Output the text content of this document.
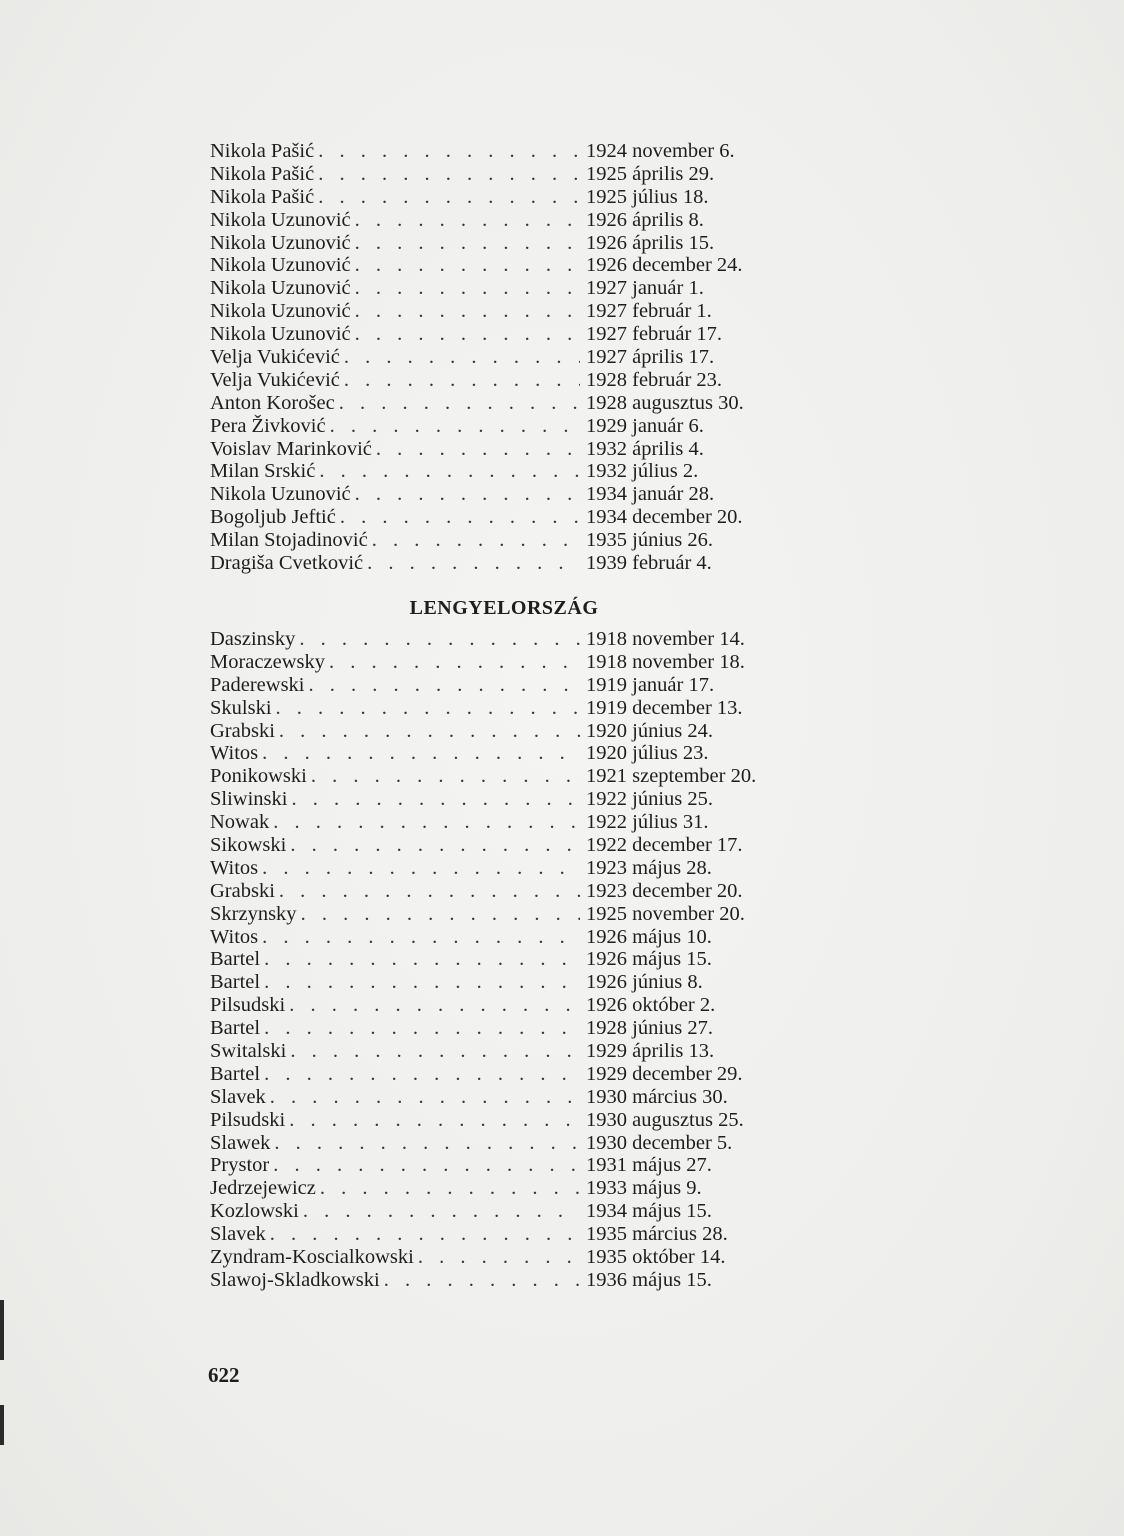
Nikola Pašić . . .	1924 november 6.
Nikola Pašić . . .	1925 április 29.
Nikola Pašić . . .	1925 július 18.
Nikola Uzunović . . .	1926 április 8.
Nikola Uzunović . . .	1926 április 15.
Nikola Uzunović . . .	1926 december 24.
Nikola Uzunović . . .	1927 január 1.
Nikola Uzunović . . .	1927 február 1.
Nikola Uzunović . . .	1927 február 17.
Velja Vukićević . . .	1927 április 17.
Velja Vukićević . . .	1928 február 23.
Anton Korošec . . .	1928 augusztus 30.
Pera Živković . . .	1929 január 6.
Voislav Marinković . . .	1932 április 4.
Milan Srskić . . .	1932 július 2.
Nikola Uzunović . . .	1934 január 28.
Bogoljub Jeftić . . .	1934 december 20.
Milan Stojadinović . . .	1935 június 26.
Dragiša Cvetković . . .	1939 február 4.
LENGYELORSZÁG
Daszinsky . . .	1918 november 14.
Moraczewsky . . .	1918 november 18.
Paderewski . . .	1919 január 17.
Skulski . . .	1919 december 13.
Grabski . . .	1920 június 24.
Witos . . .	1920 július 23.
Ponikowski . . .	1921 szeptember 20.
Sliwinski . . .	1922 június 25.
Nowak . . .	1922 július 31.
Sikowski . . .	1922 december 17.
Witos . . .	1923 május 28.
Grabski . . .	1923 december 20.
Skrzynsky . . .	1925 november 20.
Witos . . .	1926 május 10.
Bartel . . .	1926 május 15.
Bartel . . .	1926 június 8.
Pilsudski . . .	1926 október 2.
Bartel . . .	1928 június 27.
Switalski . . .	1929 április 13.
Bartel . . .	1929 december 29.
Slavek . . .	1930 március 30.
Pilsudski . . .	1930 augusztus 25.
Slawek . . .	1930 december 5.
Prystor . . .	1931 május 27.
Jedrzejewicz . . .	1933 május 9.
Kozlowski . . .	1934 május 15.
Slavek . . .	1935 március 28.
Zyndram-Koscialkowski . . .	1935 október 14.
Slawoj-Skladkowski . . .	1936 május 15.
622
